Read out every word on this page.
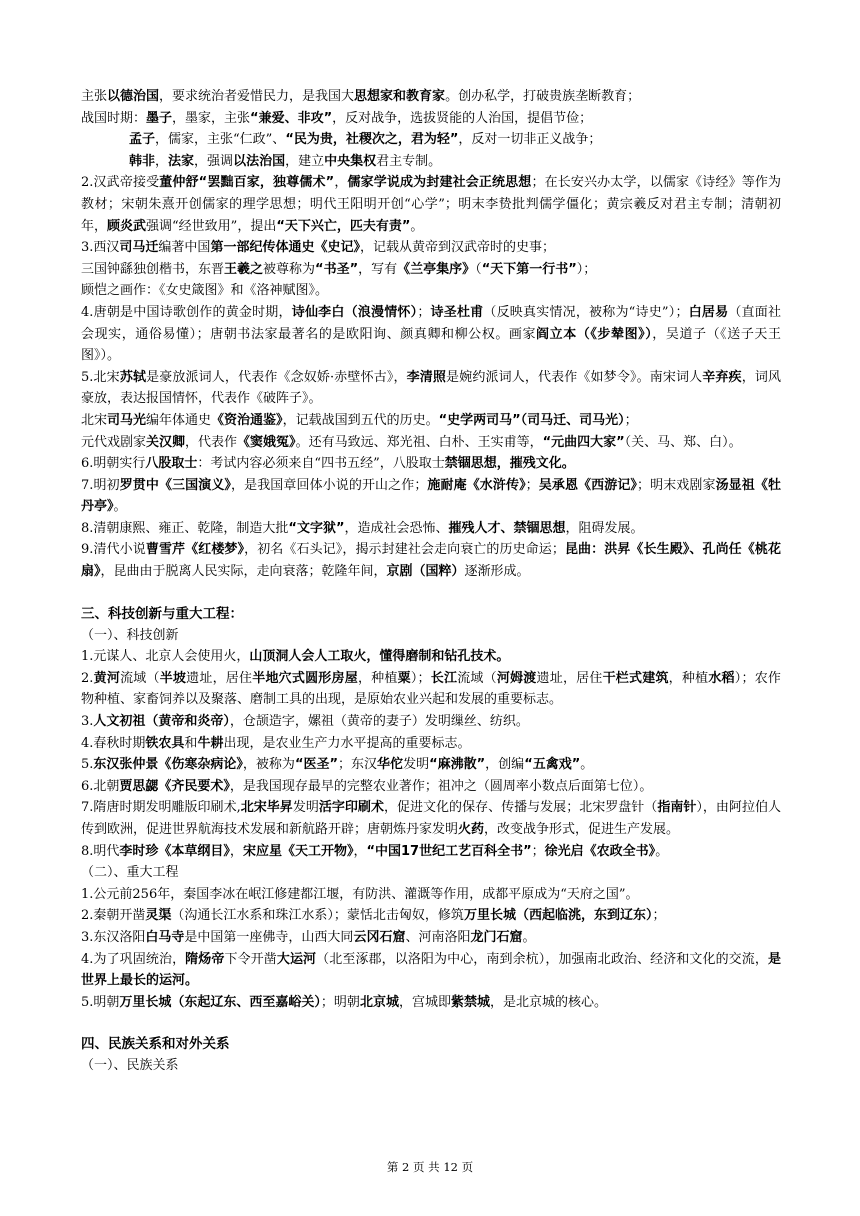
主张以德治国，要求统治者爱惜民力，是我国大思想家和教育家。创办私学，打破贵族垄断教育；
战国时期：墨子，墨家，主张“兼爱、非攻”，反对战争，选拔贤能的人治国，提倡节俭；
孟子，儒家，主张“仁政”、“民为贵，社稷次之，君为轻”，反对一切非正义战争；
韩非，法家，强调以法治国，建立中央集权君主专制。
2.汉武帝接受董仲舒“罢黜百家，独尊儒术”，儒家学说成为封建社会正统思想；在长安兴办太学，以儒家《诗经》等作为教材；宋朝朱熹开创儒家的理学思想；明代王阳明开创“心学”；明末李贽批判儒学僵化；黄宗羲反对君主专制；清朝初年，顾炎武强调“经世致用”，提出“天下兴亡，匹夫有责”。
3.西汉司马迁编著中国第一部纪传体通史《史记》，记载从黄帝到汉武帝时的史事；
三国钟繇独创楷书，东晋王羲之被尊称为“书圣”，写有《兰亭集序》（“天下第一行书”）；
顾恺之画作：《女史箴图》和《洛神赋图》。
4.唐朝是中国诗歌创作的黄金时期，诗仙李白（浪漫情怀）；诗圣杜甫（反映真实情况，被称为“诗史”）；白居易（直面社会现实，通俗易懂）；唐朝书法家最著名的是欧阳询、颜真卿和柳公权。画家阎立本（《步辇图》），吴道子（《送子天王图》）。
5.北宋苏轼是豪放派词人，代表作《念奴娇·赤壁怀古》，李清照是婉约派词人，代表作《如梦令》。南宋词人辛弃疾，词风豪放，表达报国情怀，代表作《破阵子》。
北宋司马光编年体通史《资治通鉴》，记载战国到五代的历史。“史学两司马”（司马迁、司马光）；
元代戏剧家关汉卿，代表作《窦娥冤》。还有马致远、郑光祖、白朴、王实甫等，“元曲四大家”（关、马、郑、白）。
6.明朝实行八股取士：考试内容必须来自“四书五经”，八股取士禁锢思想，摧残文化。
7.明初罗贯中《三国演义》，是我国章回体小说的开山之作；施耐庵《水浒传》；吴承恩《西游记》；明末戏剧家汤显祖《牡丹亭》。
8.清朝康熙、雍正、乾隆，制造大批“文字狱”，造成社会恐怖、摧残人才、禁锢思想，阻碍发展。
9.清代小说曹雪芹《红楼梦》，初名《石头记》，揭示封建社会走向衰亡的历史命运；昆曲：洪昇《长生殿》、孔尚任《桃花扇》，昆曲由于脱离人民实际，走向衰落；乾隆年间，京剧（国粹）逐渐形成。
三、科技创新与重大工程：
（一）、科技创新
1.元谋人、北京人会使用火，山顶洞人会人工取火，懂得磨制和钻孔技术。
2.黄河流域（半坡遗址，居住半地穴式圆形房屋，种植粟）；长江流域（河姆渡遗址，居住干栏式建筑，种植水稻）；农作物种植、家畜饲养以及聚落、磨制工具的出现，是原始农业兴起和发展的重要标志。
3.人文初祖（黄帝和炎帝），仓颉造字，嫘祖（黄帝的妻子）发明缫丝、纺织。
4.春秋时期铁农具和牛耕出现，是农业生产力水平提高的重要标志。
5.东汉张仲景《伤寒杂病论》，被称为“医圣”；东汉华佗发明“麻沸散”，创编“五禽戏”。
6.北朝贾思勰《齐民要术》，是我国现存最早的完整农业著作；祖冲之（圆周率小数点后面第七位）。
7.隋唐时期发明雕版印刷术,北宋毕昇发明活字印刷术，促进文化的保存、传播与发展；北宋罗盘针（指南针），由阿拉伯人传到欧洲，促进世界航海技术发展和新航路开辟；唐朝炼丹家发明火药，改变战争形式，促进生产发展。
8.明代李时珍《本草纲目》，宋应星《天工开物》，“中国17世纪工艺百科全书”；徐光启《农政全书》。
（二）、重大工程
1.公元前256年，秦国李冰在岷江修建都江堰，有防洪、灌溉等作用，成都平原成为“天府之国”。
2.秦朝开凿灵渠（沟通长江水系和珠江水系）；蒙恬北击匈奴，修筑万里长城（西起临洮，东到辽东）；
3.东汉洛阳白马寺是中国第一座佛寺，山西大同云冈石窟、河南洛阳龙门石窟。
4.为了巩固统治，隋炀帝下令开凿大运河（北至涿郡，以洛阳为中心，南到余杭），加强南北政治、经济和文化的交流，是世界上最长的运河。
5.明朝万里长城（东起辽东、西至嘉峪关）；明朝北京城，宫城即紫禁城，是北京城的核心。
四、民族关系和对外关系
（一）、民族关系
第 2 页 共 12 页
